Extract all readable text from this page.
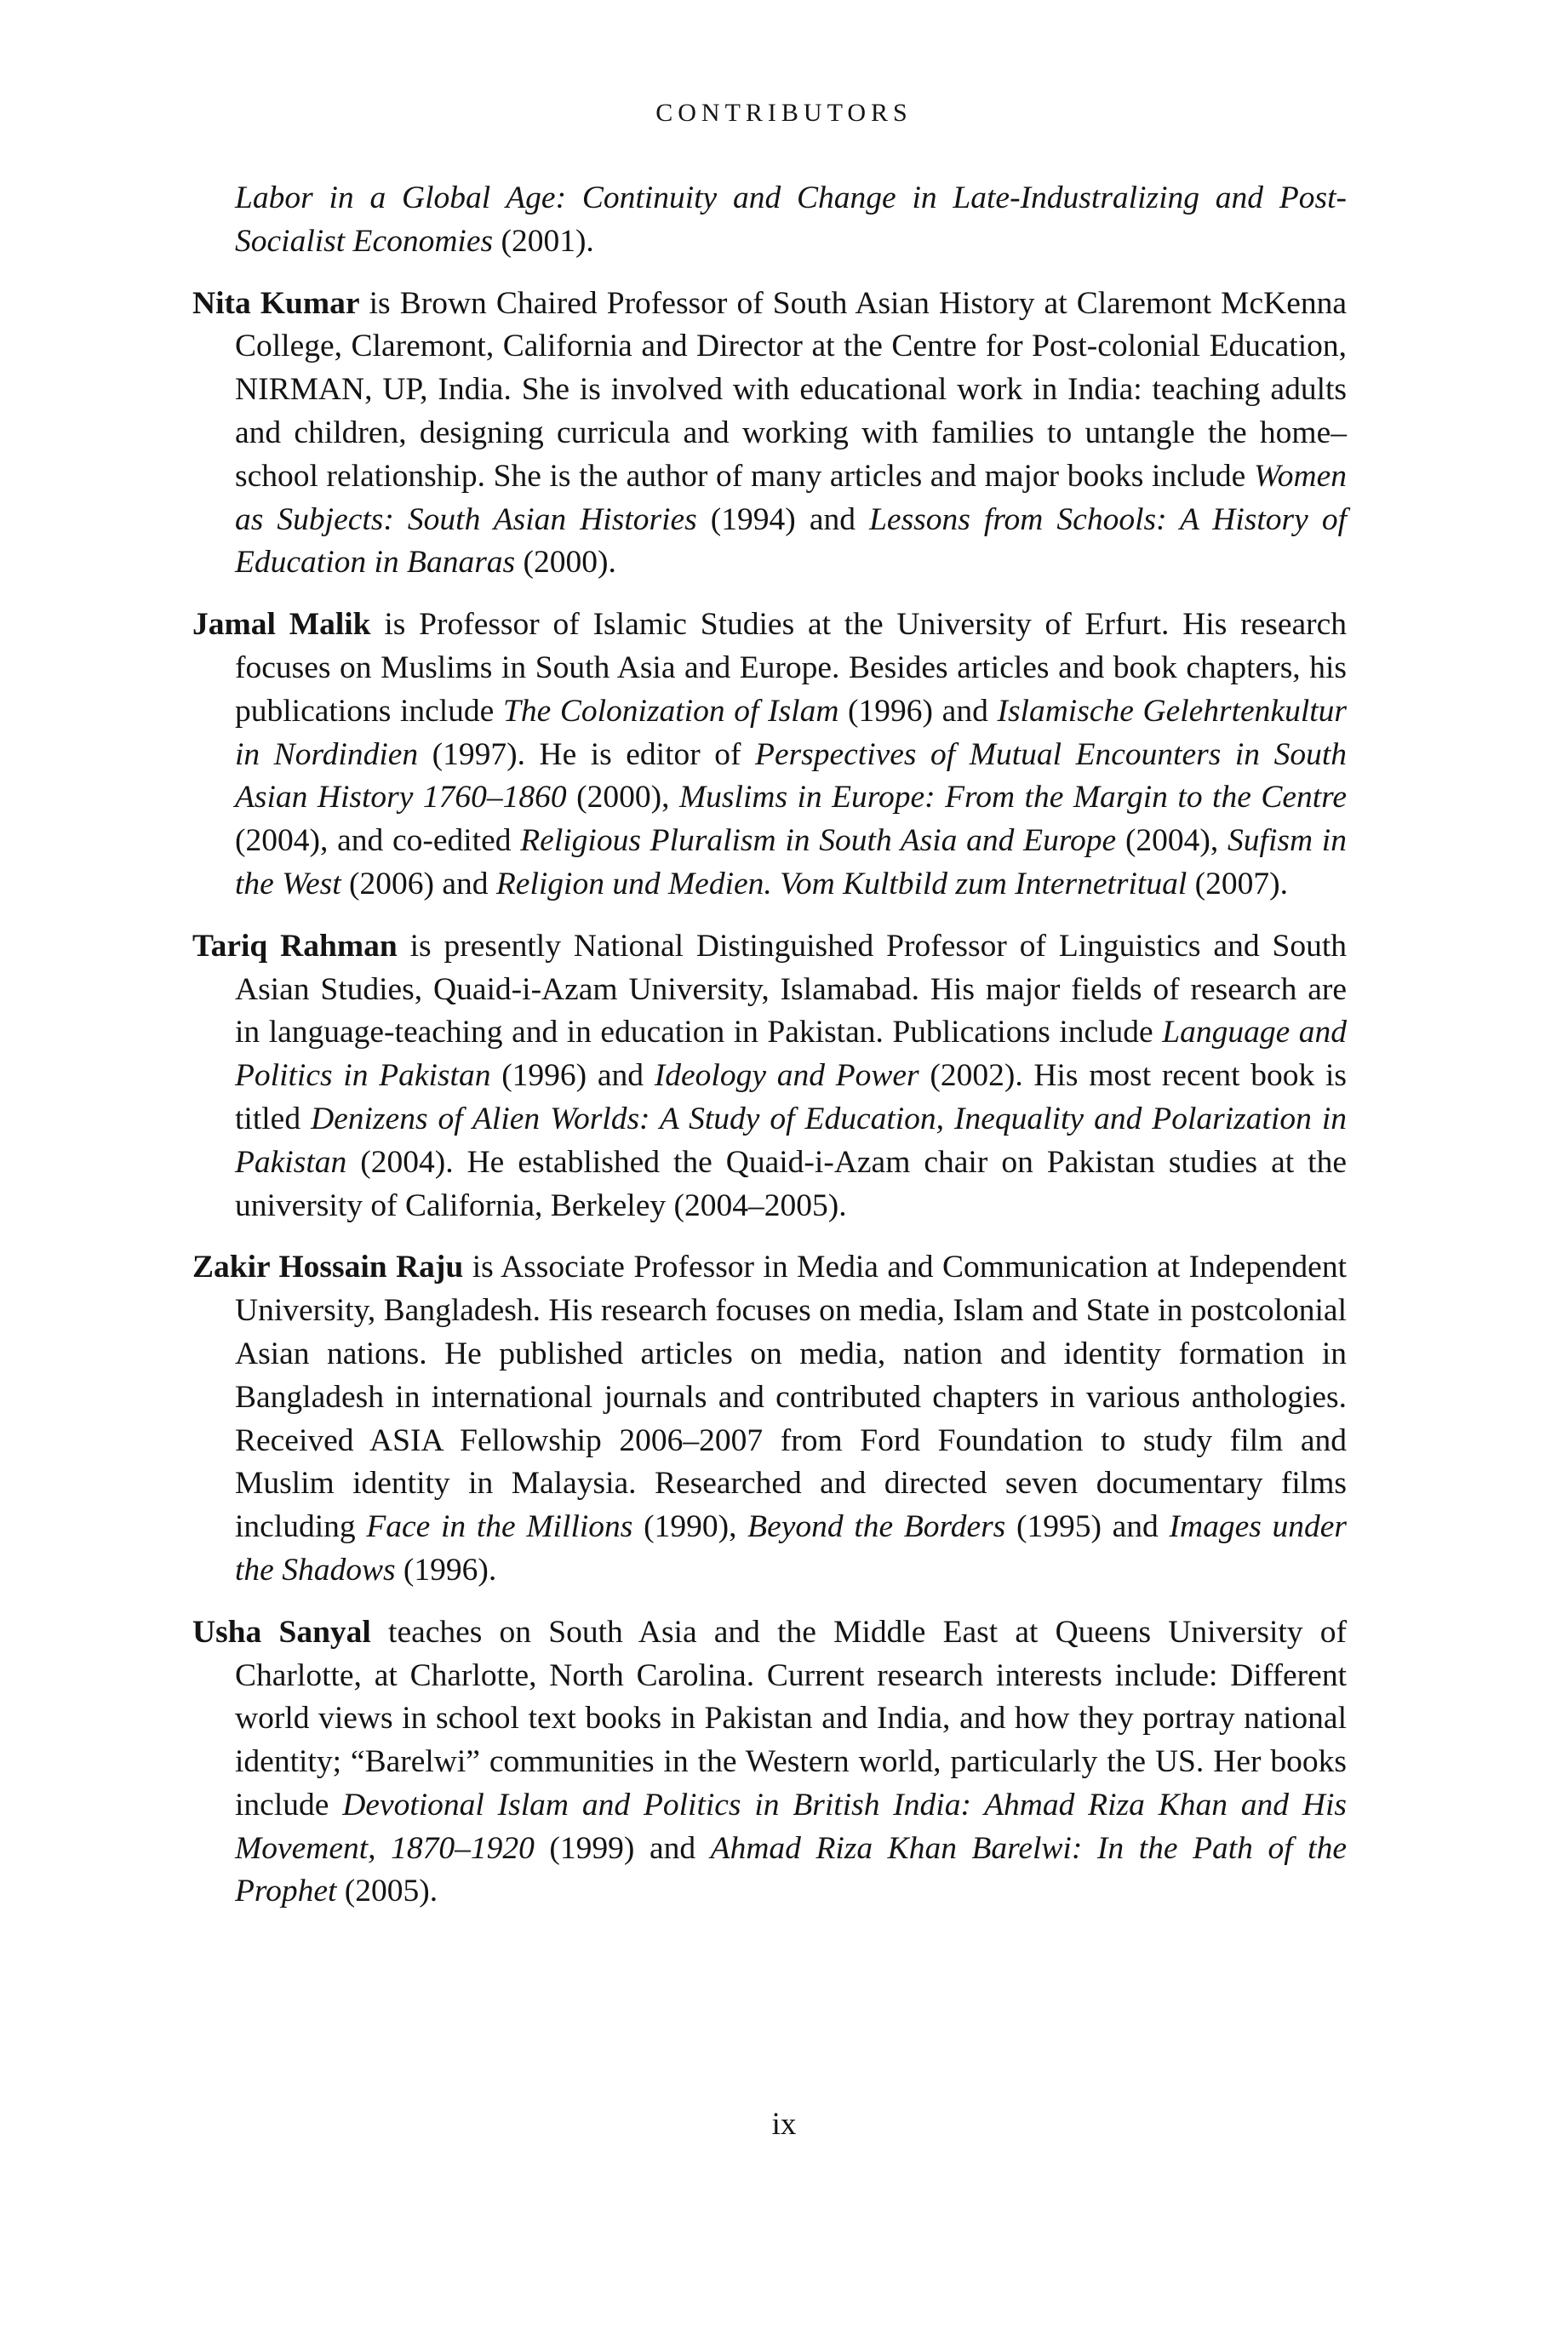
CONTRIBUTORS

Labor in a Global Age: Continuity and Change in Late-Industralizing and Post-Socialist Economies (2001).

Nita Kumar is Brown Chaired Professor of South Asian History at Claremont McKenna College, Claremont, California and Director at the Centre for Post-colonial Education, NIRMAN, UP, India. She is involved with educational work in India: teaching adults and children, designing curricula and working with families to untangle the home–school relationship. She is the author of many articles and major books include Women as Subjects: South Asian Histories (1994) and Lessons from Schools: A History of Education in Banaras (2000).

Jamal Malik is Professor of Islamic Studies at the University of Erfurt. His research focuses on Muslims in South Asia and Europe. Besides articles and book chapters, his publications include The Colonization of Islam (1996) and Islamische Gelehrtenkultur in Nordindien (1997). He is editor of Perspectives of Mutual Encounters in South Asian History 1760–1860 (2000), Muslims in Europe: From the Margin to the Centre (2004), and co-edited Religious Pluralism in South Asia and Europe (2004), Sufism in the West (2006) and Religion und Medien. Vom Kultbild zum Internetritual (2007).

Tariq Rahman is presently National Distinguished Professor of Linguistics and South Asian Studies, Quaid-i-Azam University, Islamabad. His major fields of research are in language-teaching and in education in Pakistan. Publications include Language and Politics in Pakistan (1996) and Ideology and Power (2002). His most recent book is titled Denizens of Alien Worlds: A Study of Education, Inequality and Polarization in Pakistan (2004). He established the Quaid-i-Azam chair on Pakistan studies at the university of California, Berkeley (2004–2005).

Zakir Hossain Raju is Associate Professor in Media and Communication at Independent University, Bangladesh. His research focuses on media, Islam and State in postcolonial Asian nations. He published articles on media, nation and identity formation in Bangladesh in international journals and contributed chapters in various anthologies. Received ASIA Fellowship 2006–2007 from Ford Foundation to study film and Muslim identity in Malaysia. Researched and directed seven documentary films including Face in the Millions (1990), Beyond the Borders (1995) and Images under the Shadows (1996).

Usha Sanyal teaches on South Asia and the Middle East at Queens University of Charlotte, at Charlotte, North Carolina. Current research interests include: Different world views in school text books in Pakistan and India, and how they portray national identity; “Barelwi” communities in the Western world, particularly the US. Her books include Devotional Islam and Politics in British India: Ahmad Riza Khan and His Movement, 1870–1920 (1999) and Ahmad Riza Khan Barelwi: In the Path of the Prophet (2005).

ix
